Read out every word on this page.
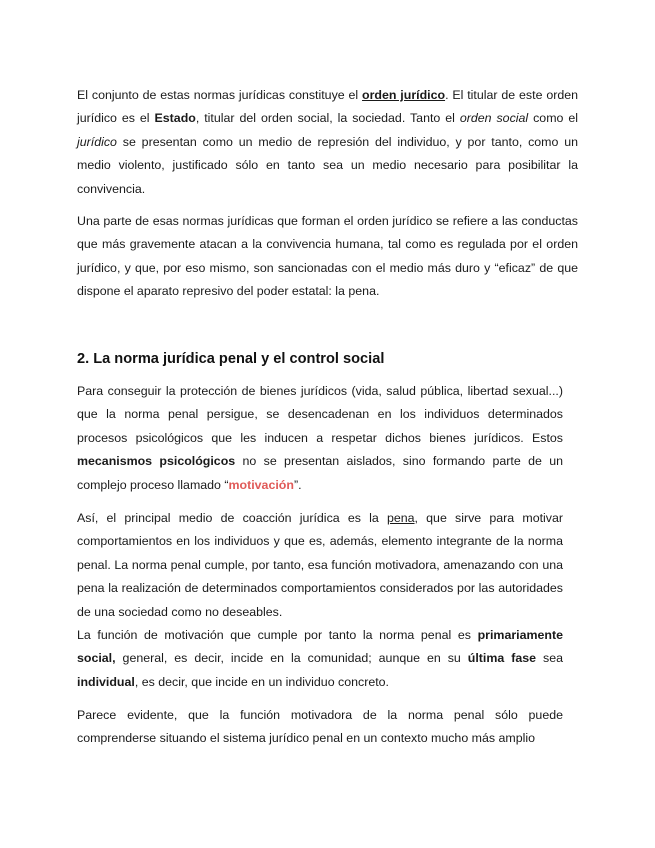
El conjunto de estas normas jurídicas constituye el orden jurídico. El titular de este orden jurídico es el Estado, titular del orden social, la sociedad. Tanto el orden social como el jurídico se presentan como un medio de represión del individuo, y por tanto, como un medio violento, justificado sólo en tanto sea un medio necesario para posibilitar la convivencia.

Una parte de esas normas jurídicas que forman el orden jurídico se refiere a las conductas que más gravemente atacan a la convivencia humana, tal como es regulada por el orden jurídico, y que, por eso mismo, son sancionadas con el medio más duro y “eficaz” de que dispone el aparato represivo del poder estatal: la pena.

2. La norma jurídica penal y el control social

Para conseguir la protección de bienes jurídicos (vida, salud pública, libertad sexual...) que la norma penal persigue, se desencadenan en los individuos determinados procesos psicológicos que les inducen a respetar dichos bienes jurídicos. Estos mecanismos psicológicos no se presentan aislados, sino formando parte de un complejo proceso llamado “motivación”.

Así, el principal medio de coacción jurídica es la pena, que sirve para motivar comportamientos en los individuos y que es, además, elemento integrante de la norma penal. La norma penal cumple, por tanto, esa función motivadora, amenazando con una pena la realización de determinados comportamientos considerados por las autoridades de una sociedad como no deseables.

La función de motivación que cumple por tanto la norma penal es primariamente social, general, es decir, incide en la comunidad; aunque en su última fase sea individual, es decir, que incide en un individuo concreto.

Parece evidente, que la función motivadora de la norma penal sólo puede comprenderse situando el sistema jurídico penal en un contexto mucho más amplio
